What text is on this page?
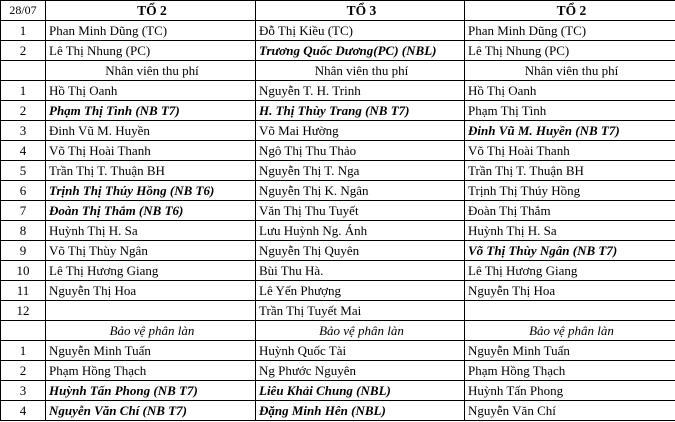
28/07	TỔ 2	TỔ 3	TỔ 2
1	Phan Minh Dũng (TC)	Đỗ Thị Kiều (TC)	Phan Minh Dũng (TC)
2	Lê Thị Nhung (PC)	Trương Quốc Dương(PC) (NBL)	Lê Thị Nhung (PC)
	Nhân viên thu phí	Nhân viên thu phí	Nhân viên thu phí
1	Hồ Thị Oanh	Nguyễn T. H. Trinh	Hồ Thị Oanh
2	Phạm Thị Tình (NB T7)	H. Thị Thùy Trang (NB T7)	Phạm Thị Tình
3	Đinh Vũ M. Huyền	Võ Mai Hường	Đinh Vũ M. Huyền (NB T7)
4	Võ Thị Hoài Thanh	Ngô Thị Thu Thảo	Võ Thị Hoài Thanh
5	Trần Thị T. Thuận BH	Nguyễn Thị T. Nga	Trần Thị T. Thuận BH
6	Trịnh Thị Thúy Hồng (NB T6)	Nguyễn Thị K. Ngân	Trịnh Thị Thúy Hồng
7	Đoàn Thị Thắm (NB T6)	Văn Thị Thu Tuyết	Đoàn Thị Thắm
8	Huỳnh Thị H. Sa	Lưu Huỳnh Ng. Ánh	Huỳnh Thị H. Sa
9	Võ Thị Thùy Ngân	Nguyễn Thị Quyên	Võ Thị Thùy Ngân (NB T7)
10	Lê Thị Hương Giang	Bùi Thu Hà.	Lê Thị Hương Giang
11	Nguyễn Thị Hoa	Lê Yến Phượng	Nguyễn Thị Hoa
12		Trần Thị Tuyết Mai	
	Bảo vệ phân làn	Bảo vệ phân làn	Bảo vệ phân làn
1	Nguyễn Minh Tuấn	Huỳnh Quốc Tài	Nguyễn Minh Tuấn
2	Phạm Hồng Thạch	Ng Phước Nguyên	Phạm Hồng Thạch
3	Huỳnh Tấn Phong (NB T7)	Liêu Khải Chung (NBL)	Huỳnh Tấn Phong
4	Nguyễn Văn Chí (NB T7)	Đặng Minh Hên (NBL)	Nguyễn Văn Chí
